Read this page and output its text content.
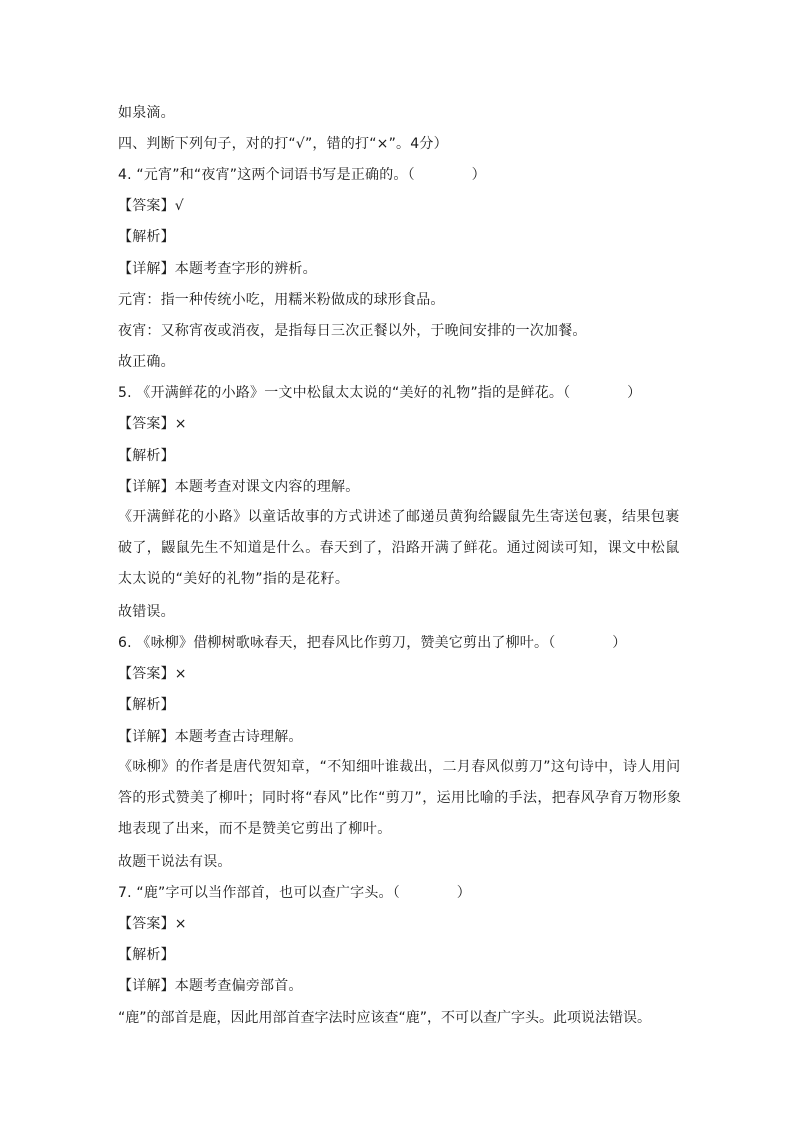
如泉滴。
四、判断下列句子，对的打“√”，错的打“×”。4分）
4. “元宵”和“夜宵”这两个词语书写是正确的。（　　　　）
【答案】√
【解析】
【详解】本题考查字形的辨析。
元宵：指一种传统小吃，用糯米粉做成的球形食品。
夜宵：又称宵夜或消夜，是指每日三次正餐以外，于晚间安排的一次加餐。
故正确。
5. 《开满鲜花的小路》一文中松鼠太太说的“美好的礼物”指的是鲜花。（　　　　）
【答案】×
【解析】
【详解】本题考查对课文内容的理解。
《开满鲜花的小路》以童话故事的方式讲述了邮递员黄狗给鼹鼠先生寄送包裹，结果包裹破了，鼹鼠先生不知道是什么。春天到了，沿路开满了鲜花。通过阅读可知，课文中松鼠太太说的“美好的礼物”指的是花籽。
故错误。
6. 《咏柳》借柳树歌咏春天，把春风比作剪刀，赞美它剪出了柳叶。（　　　　）
【答案】×
【解析】
【详解】本题考查古诗理解。
《咏柳》的作者是唐代贺知章，“不知细叶谁裁出，二月春风似剪刀”这句诗中，诗人用问答的形式赞美了柳叶；同时将“春风”比作“剪刀”，运用比喻的手法，把春风孕育万物形象地表现了出来，而不是赞美它剪出了柳叶。
故题干说法有误。
7. “鹿”字可以当作部首，也可以查广字头。（　　　　）
【答案】×
【解析】
【详解】本题考查偏旁部首。
“鹿”的部首是鹿，因此用部首查字法时应该查“鹿”，不可以查广字头。此项说法错误。
